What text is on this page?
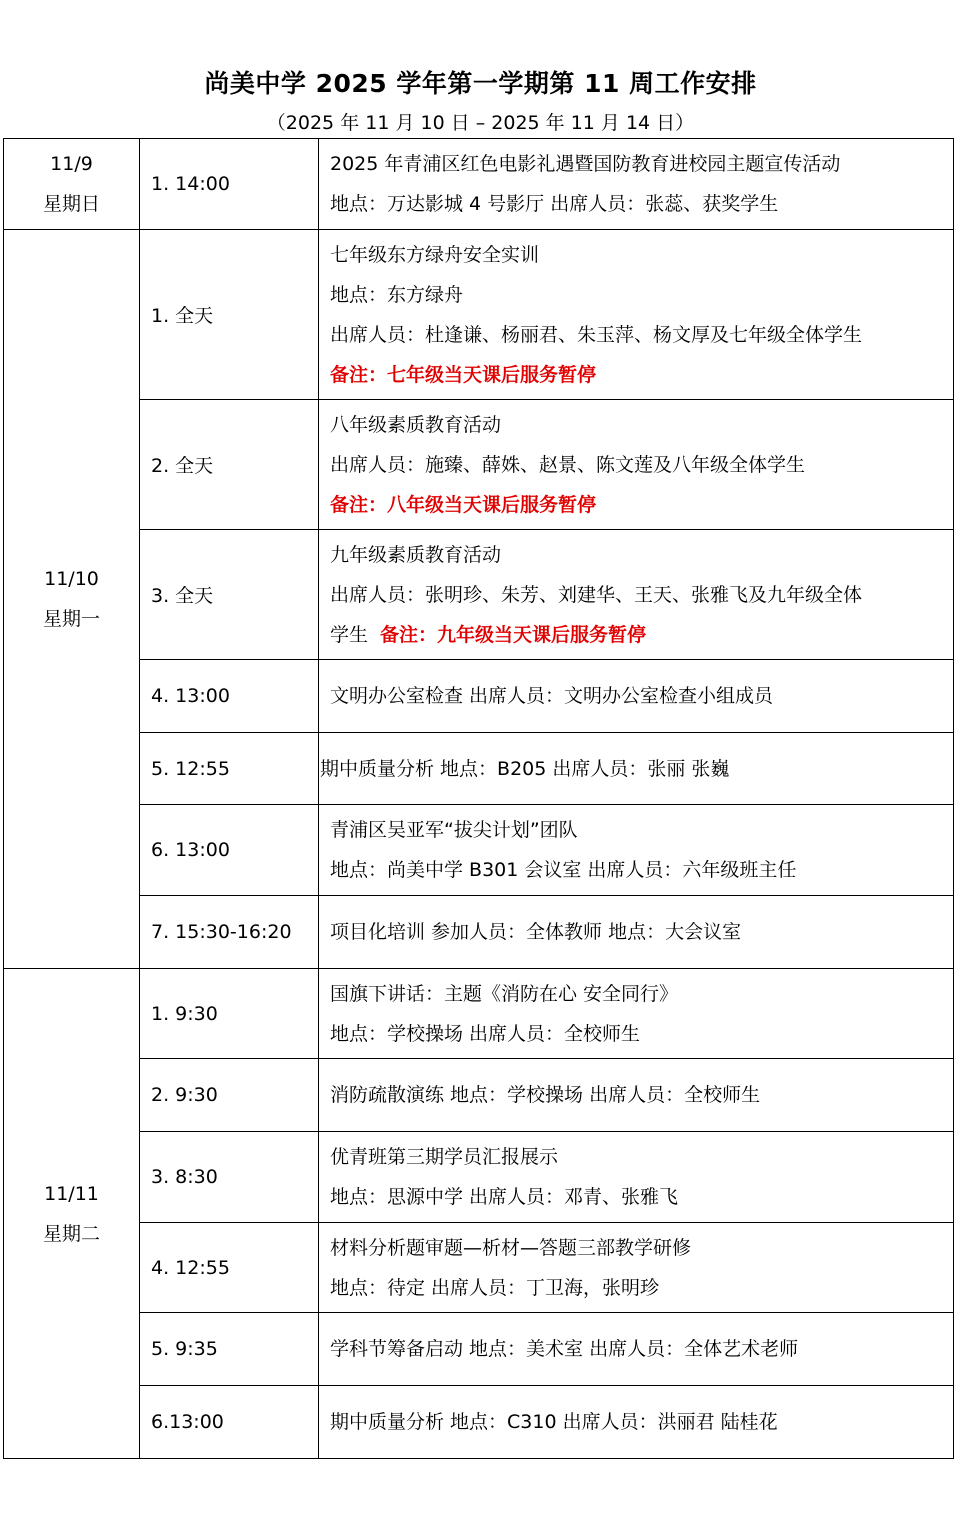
尚美中学 2025 学年第一学期第 11 周工作安排
（2025 年 11 月 10 日 – 2025 年 11 月 14 日）
11/9
星期日	1. 14:00	2025 年青浦区红色电影礼遇暨国防教育进校园主题宣传活动
地点：万达影城 4 号影厅 出席人员：张蕊、获奖学生

11/10
星期一	1. 全天	七年级东方绿舟安全实训
地点：东方绿舟
出席人员：杜逢谦、杨丽君、朱玉萍、杨文厚及七年级全体学生
备注：七年级当天课后服务暂停

	2. 全天	八年级素质教育活动
出席人员：施臻、薛姝、赵景、陈文莲及八年级全体学生
备注：八年级当天课后服务暂停

	3. 全天	九年级素质教育活动
出席人员：张明珍、朱芳、刘建华、王天、张雅飞及九年级全体
学生 备注：九年级当天课后服务暂停

	4. 13:00	文明办公室检查 出席人员：文明办公室检查小组成员

	5. 12:55	期中质量分析 地点：B205 出席人员：张丽 张巍

	6. 13:00	青浦区吴亚军“拔尖计划”团队
地点：尚美中学 B301 会议室 出席人员：六年级班主任

	7. 15:30-16:20	项目化培训 参加人员：全体教师 地点：大会议室

11/11
星期二	1. 9:30	国旗下讲话：主题《消防在心 安全同行》
地点：学校操场 出席人员：全校师生

	2. 9:30	消防疏散演练 地点：学校操场 出席人员：全校师生

	3. 8:30	优青班第三期学员汇报展示
地点：思源中学 出席人员：邓青、张雅飞

	4. 12:55	材料分析题审题—析材—答题三部教学研修
地点：待定 出席人员：丁卫海，张明珍

	5. 9:35	学科节筹备启动 地点：美术室 出席人员：全体艺术老师

	6.13:00	期中质量分析 地点：C310 出席人员：洪丽君 陆桂花
